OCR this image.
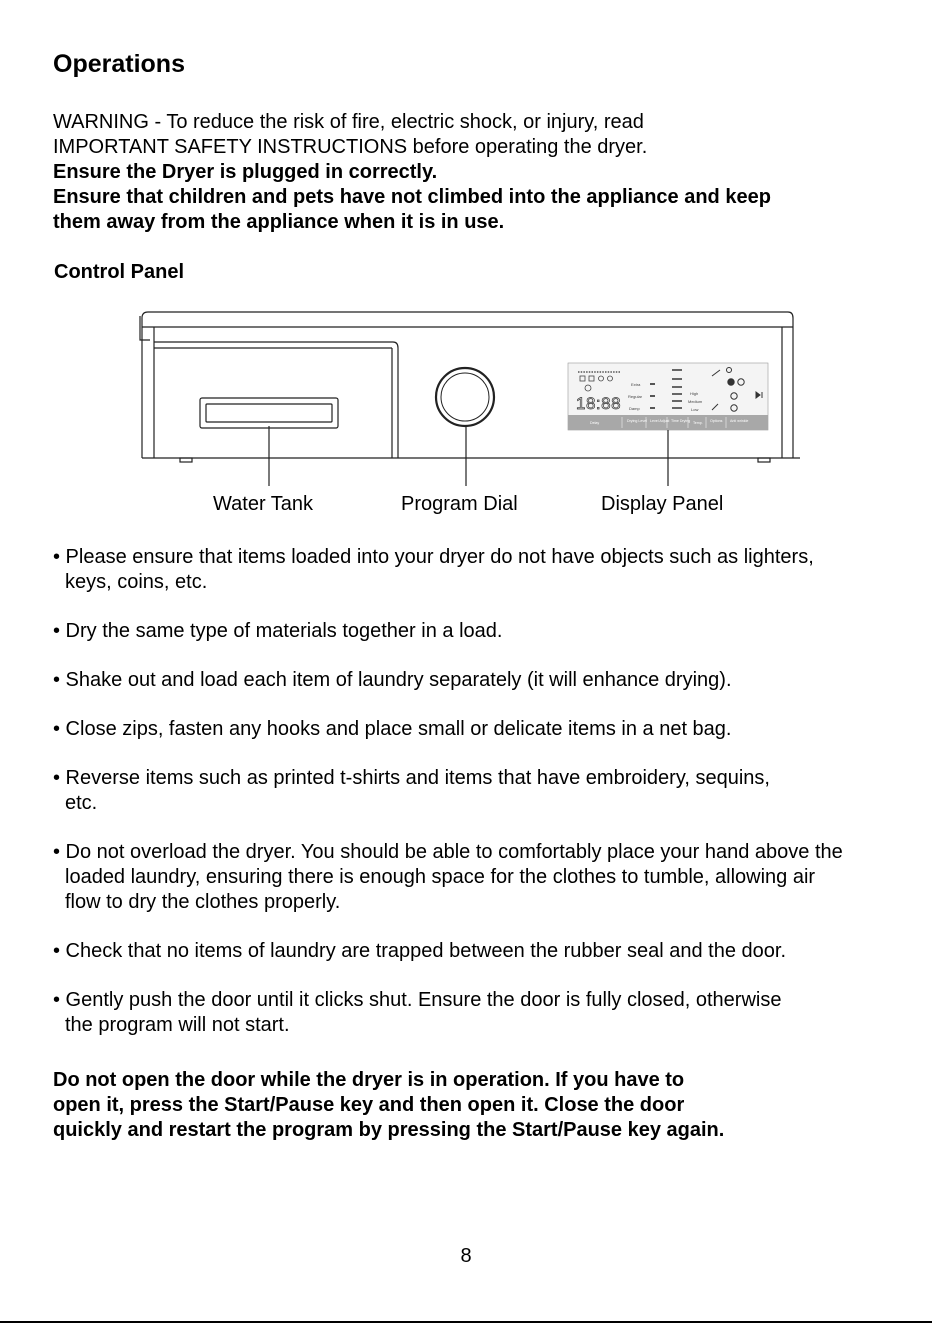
Operations
WARNING - To reduce the risk of fire, electric shock, or injury, read
IMPORTANT SAFETY INSTRUCTIONS before operating the dryer.
Ensure the Dryer is plugged in correctly.
Ensure that children and pets have not climbed into the appliance and keep
them away from the appliance when it is in use.
Control Panel
18:88
Extra
Regular
Damp
High
Medium
Low
Delay	Drying Level Level Adjust Time Drying Temp. Options Anti wrinkle
Water Tank	Program Dial	Display Panel
• Please ensure that items loaded into your dryer do not have objects such as lighters, keys, coins, etc.
• Dry the same type of materials together in a load.
• Shake out and load each item of laundry separately (it will enhance drying).
• Close zips, fasten any hooks and place small or delicate items in a net bag.
• Reverse items such as printed t-shirts and items that have embroidery, sequins, etc.
• Do not overload the dryer. You should be able to comfortably place your hand above the loaded laundry, ensuring there is enough space for the clothes to tumble, allowing air flow to dry the clothes properly.
• Check that no items of laundry are trapped between the rubber seal and the door.
• Gently push the door until it clicks shut. Ensure the door is fully closed, otherwise the program will not start.
Do not open the door while the dryer is in operation. If you have to
open it, press the Start/Pause key and then open it. Close the door
quickly and restart the program by pressing the Start/Pause key again.
8
